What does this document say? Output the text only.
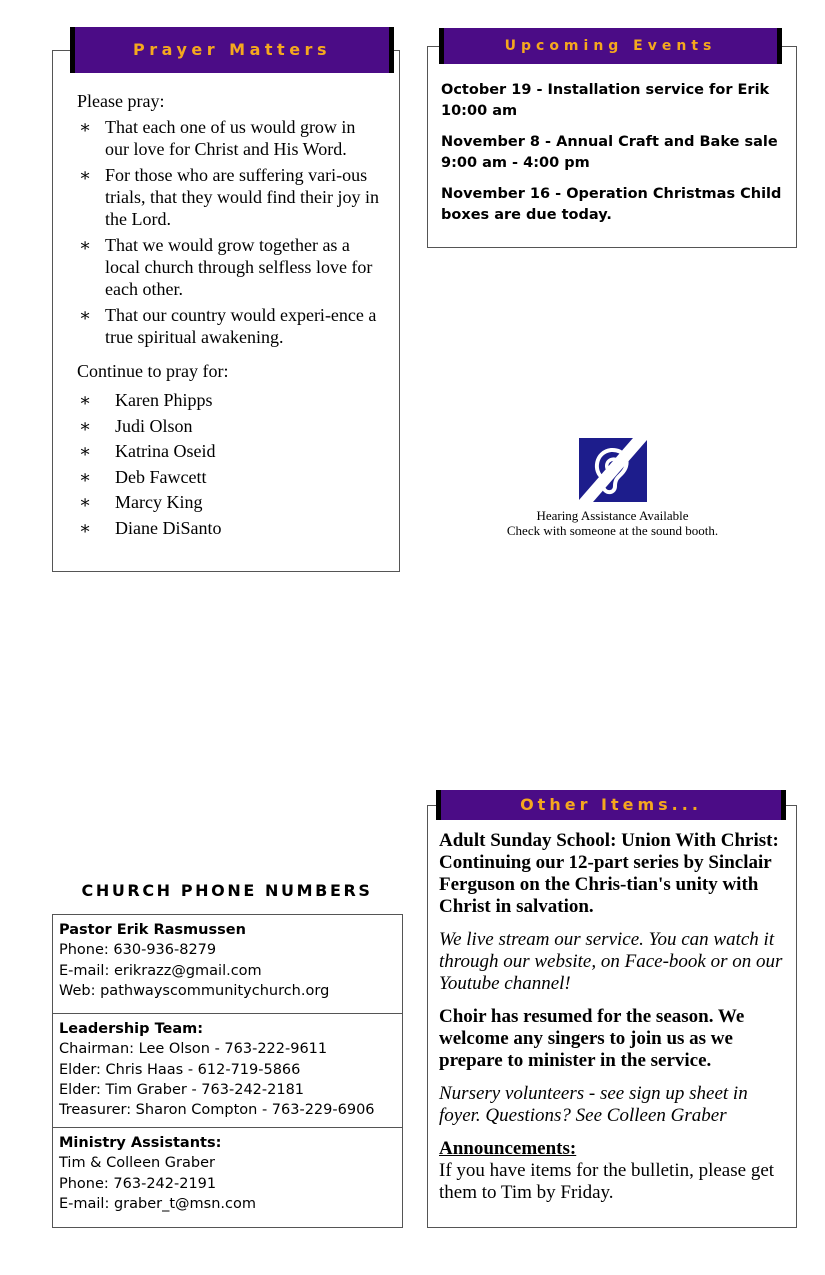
Prayer Matters

Please pray:

∗ That each one of us would grow in our love for Christ and His Word.
∗ For those who are suffering vari-ous trials, that they would find their joy in the Lord.
∗ That we would grow together as a local church through selfless love for each other.
∗ That our country would experi-ence a true spiritual awakening.

Continue to pray for:

∗ Karen Phipps
∗ Judi Olson
∗ Katrina Oseid
∗ Deb Fawcett
∗ Marcy King
∗ Diane DiSanto
Upcoming Events

October 19 - Installation service for Erik 10:00 am

November 8 - Annual Craft and Bake sale 9:00 am - 4:00 pm

November 16 - Operation Christmas Child boxes are due today.

Hearing Assistance Available
Check with someone at the sound booth.
Other Items...

Adult Sunday School: Union With Christ: Continuing our 12-part series by Sinclair Ferguson on the Chris-tian's unity with Christ in salvation.

We live stream our service. You can watch it through our website, on Face-book or on our Youtube channel!

Choir has resumed for the season. We welcome any singers to join us as we prepare to minister in the service.

Nursery volunteers - see sign up sheet in foyer. Questions? See Colleen Graber

Announcements:
If you have items for the bulletin, please get them to Tim by Friday.

CHURCH PHONE NUMBERS
Pastor Erik Rasmussen
Phone: 630-936-8279
E-mail: erikrazz@gmail.com
Web: pathwayscommunitychurch.org
Leadership Team:
Chairman: Lee Olson - 763-222-9611
Elder: Chris Haas - 612-719-5866
Elder: Tim Graber - 763-242-2181
Treasurer: Sharon Compton - 763-229-6906
Ministry Assistants:
Tim & Colleen Graber
Phone: 763-242-2191
E-mail: graber_t@msn.com
